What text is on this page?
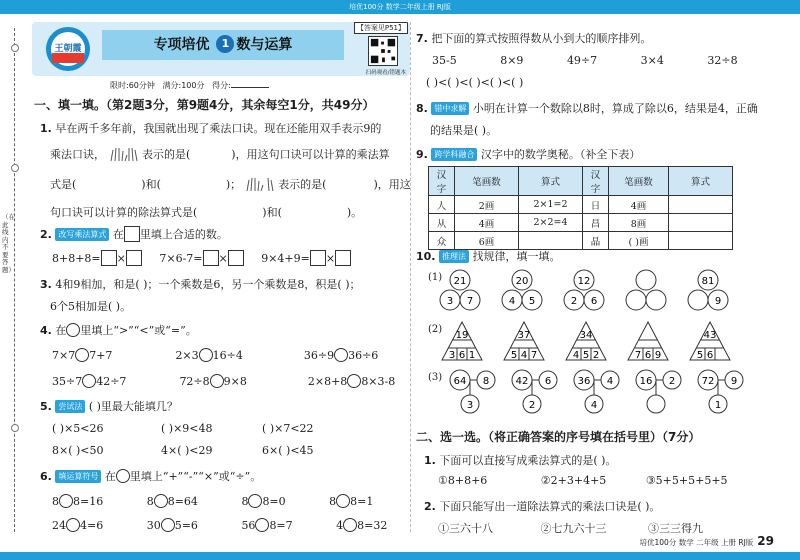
培优100分 数学二年级上册 RJ版
（在此线内不要答题）
王朝霞	专项培优 1 数与运算
【答案见P51】
扫码观看/错题本
限时:60分钟 满分:100分 得分:
一、填一填。（第2题3分，第9题4分，其余每空1分，共49分）
1. 早在两千多年前，我国就出现了乘法口诀。现在还能用双手表示9的
乘法口诀，	表示的是(	)，用这句口诀可以计算的乘法算
式是(	)和(	)；	表示的是(	)，用这
句口诀可以计算的除法算式是(	)和(	)。
2. 改写乘法算式 在 里填上合适的数。
8+8+8= ×	7×6-7= ×	9×4+9= ×
3. 4和9相加，和是( )；一个乘数是6，另一个乘数是8，积是( )；
6个5相加是( )。
4. 在 里填上“>”“<”或“=”。
7×7 7+7	2×3 16÷4	36÷9 36÷6
35÷7 42÷7	72÷8 9×8	2×8+8 8×3-8
5. 尝试法 ( )里最大能填几？
( )×5<26	( )×9<48	( )×7<22
8×( )<50	4×( )<29	6×( )<45
6. 填运算符号 在 里填上“+”“-”“×”或“÷”。
8 8=16	8 8=64	8 8=0	8 8=1
24 4=6	30 5=6	56 8=7	4 8=32
7. 把下面的算式按照得数从小到大的顺序排列。
35-5	8×9	49÷7	3×4	32÷8
( )<( )<( )<( )<( )
8. 错中求解 小明在计算一个数除以8时，算成了除以6，结果是4，正确
的结果是( )。
9. 跨学科融合 汉字中的数学奥秘。（补全下表）
汉字	笔画数	算式	汉字	笔画数	算式
人	2画	2×1=2	日	4画	
从	4画	2×2=4	昌	8画	
众	6画		晶	( )画	
10. 推理法 找规律，填一填。
(1)
(2)
(3)
21
3 7
20
4 5
12
2 6
81
9
19
3 6 1
37
5 4 7
34
4 5 2	7 6 9
43
5 6
64 8
3
42 6
2
36 4
4
16 2	72 9
1
二、选一选。（将正确答案的序号填在括号里）（7分）
1. 下面可以直接写成乘法算式的是( )。
①8+8+6	②2+3+4+5	③5+5+5+5+5
2. 下面只能写出一道除法算式的乘法口诀是( )。
①三六十八	②七九六十三	③三三得九
培优100分 数学 二年级 上册 RJ版 29
